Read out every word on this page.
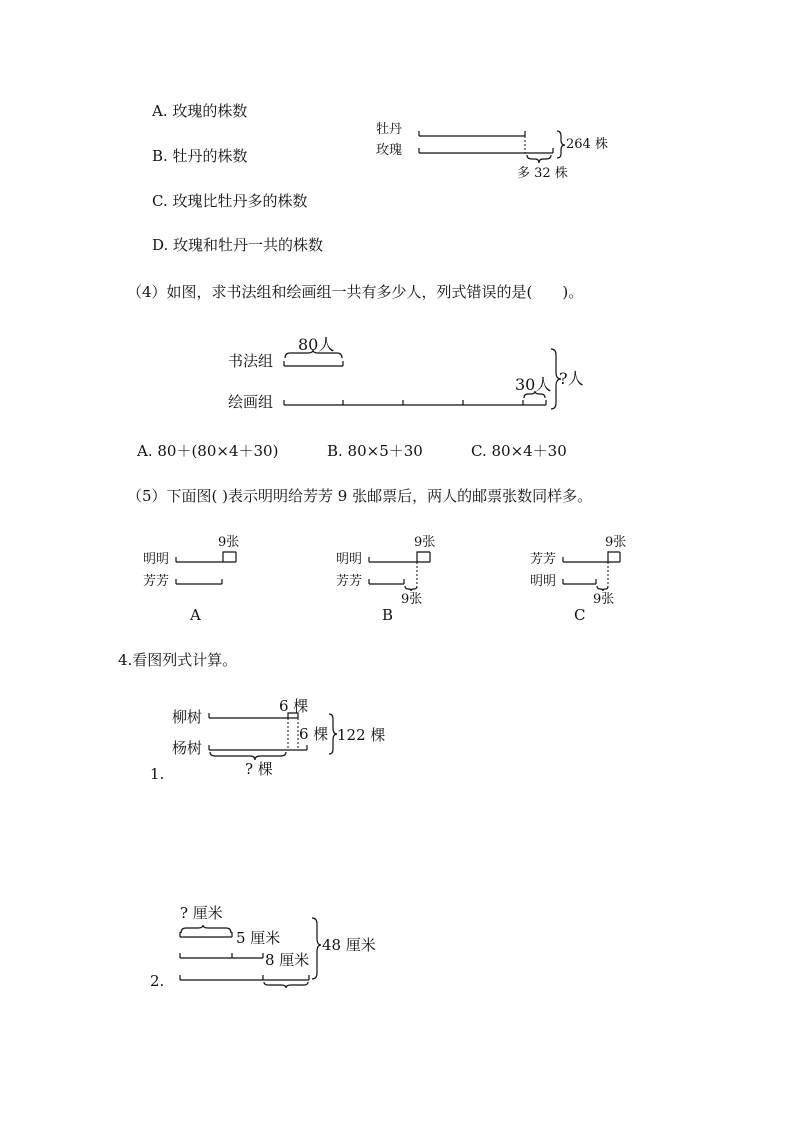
A. 玫瑰的株数
B. 牡丹的株数
C. 玫瑰比牡丹多的株数
D. 玫瑰和牡丹一共的株数
牡丹
玫瑰	264 株
多 32 株
（4）如图，求书法组和绘画组一共有多少人，列式错误的是(　　)。
书法组
绘画组
80人
30人 ?人
A. 80＋(80×4＋30)	B. 80×5＋30	C. 80×4＋30
（5）下面图( )表示明明给芳芳 9 张邮票后，两人的邮票张数同样多。
明明
芳芳
9张
A
明明
芳芳
9张
9张
B
芳芳
明明
9张
9张
C
4.看图列式计算。
1.
柳树
杨树
6 棵
6 棵 122 棵
? 棵
2.
? 厘米
5 厘米
8 厘米
48 厘米
